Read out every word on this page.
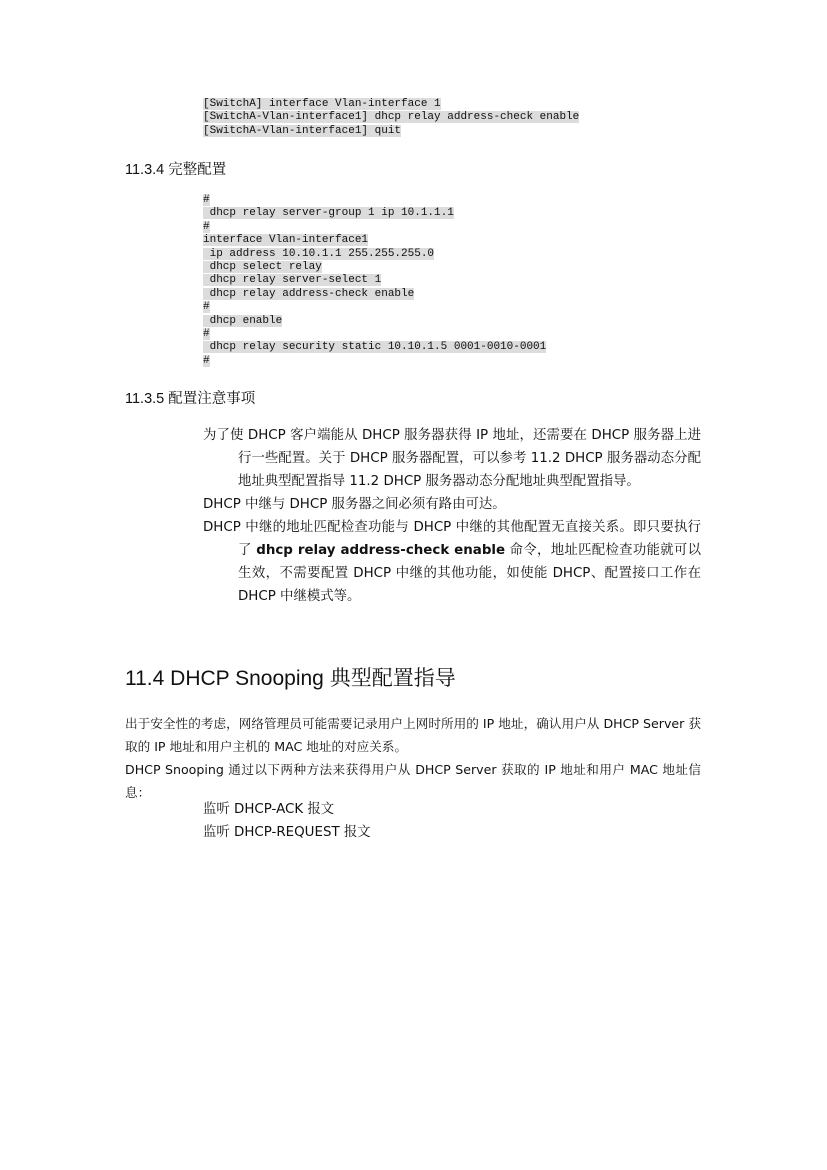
[SwitchA] interface Vlan-interface 1
[SwitchA-Vlan-interface1] dhcp relay address-check enable
[SwitchA-Vlan-interface1] quit
11.3.4 完整配置
#
dhcp relay server-group 1 ip 10.1.1.1
#
interface Vlan-interface1
ip address 10.10.1.1 255.255.255.0
dhcp select relay
dhcp relay server-select 1
dhcp relay address-check enable
#
dhcp enable
#
dhcp relay security static 10.10.1.5 0001-0010-0001
#
11.3.5 配置注意事项

为了使 DHCP 客户端能从 DHCP 服务器获得 IP 地址，还需要在 DHCP 服务器上进行一些配置。关于 DHCP 服务器配置，可以参考 11.2 DHCP 服务器动态分配地址典型配置指导 11.2 DHCP 服务器动态分配地址典型配置指导。

DHCP 中继与 DHCP 服务器之间必须有路由可达。

DHCP 中继的地址匹配检查功能与 DHCP 中继的其他配置无直接关系。即只要执行了 dhcp relay address-check enable 命令，地址匹配检查功能就可以生效，不需要配置 DHCP 中继的其他功能，如使能 DHCP、配置接口工作在 DHCP 中继模式等。

11.4 DHCP Snooping 典型配置指导

出于安全性的考虑，网络管理员可能需要记录用户上网时所用的 IP 地址，确认用户从 DHCP Server 获取的 IP 地址和用户主机的 MAC 地址的对应关系。

DHCP Snooping 通过以下两种方法来获得用户从 DHCP Server 获取的 IP 地址和用户 MAC 地址信息：

监听 DHCP-ACK 报文
监听 DHCP-REQUEST 报文
